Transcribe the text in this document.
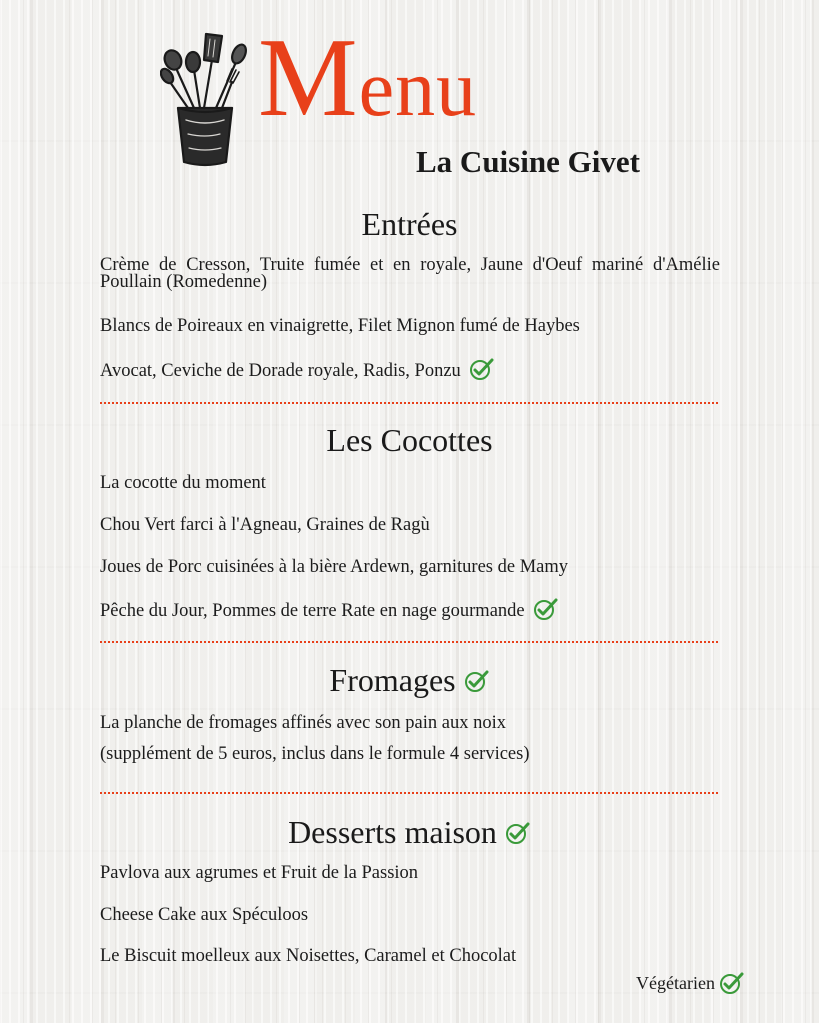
Menu
La Cuisine Givet
Entrées

Crème de Cresson, Truite fumée et en royale, Jaune d'Oeuf mariné d'Amélie Poullain (Romedenne)

Blancs de Poireaux en vinaigrette, Filet Mignon fumé de Haybes

Avocat, Ceviche de Dorade royale, Radis, Ponzu

Les Cocottes

La cocotte du moment

Chou Vert farci à l'Agneau, Graines de Ragù

Joues de Porc cuisinées à la bière Ardewn, garnitures de Mamy

Pêche du Jour, Pommes de terre Rate en nage gourmande

Fromages

La planche de fromages affinés avec son pain aux noix

(supplément de 5 euros, inclus dans le formule 4 services)

Desserts maison

Pavlova aux agrumes et Fruit de la Passion

Cheese Cake aux Spéculoos

Le Biscuit moelleux aux Noisettes, Caramel et Chocolat

Végétarien
